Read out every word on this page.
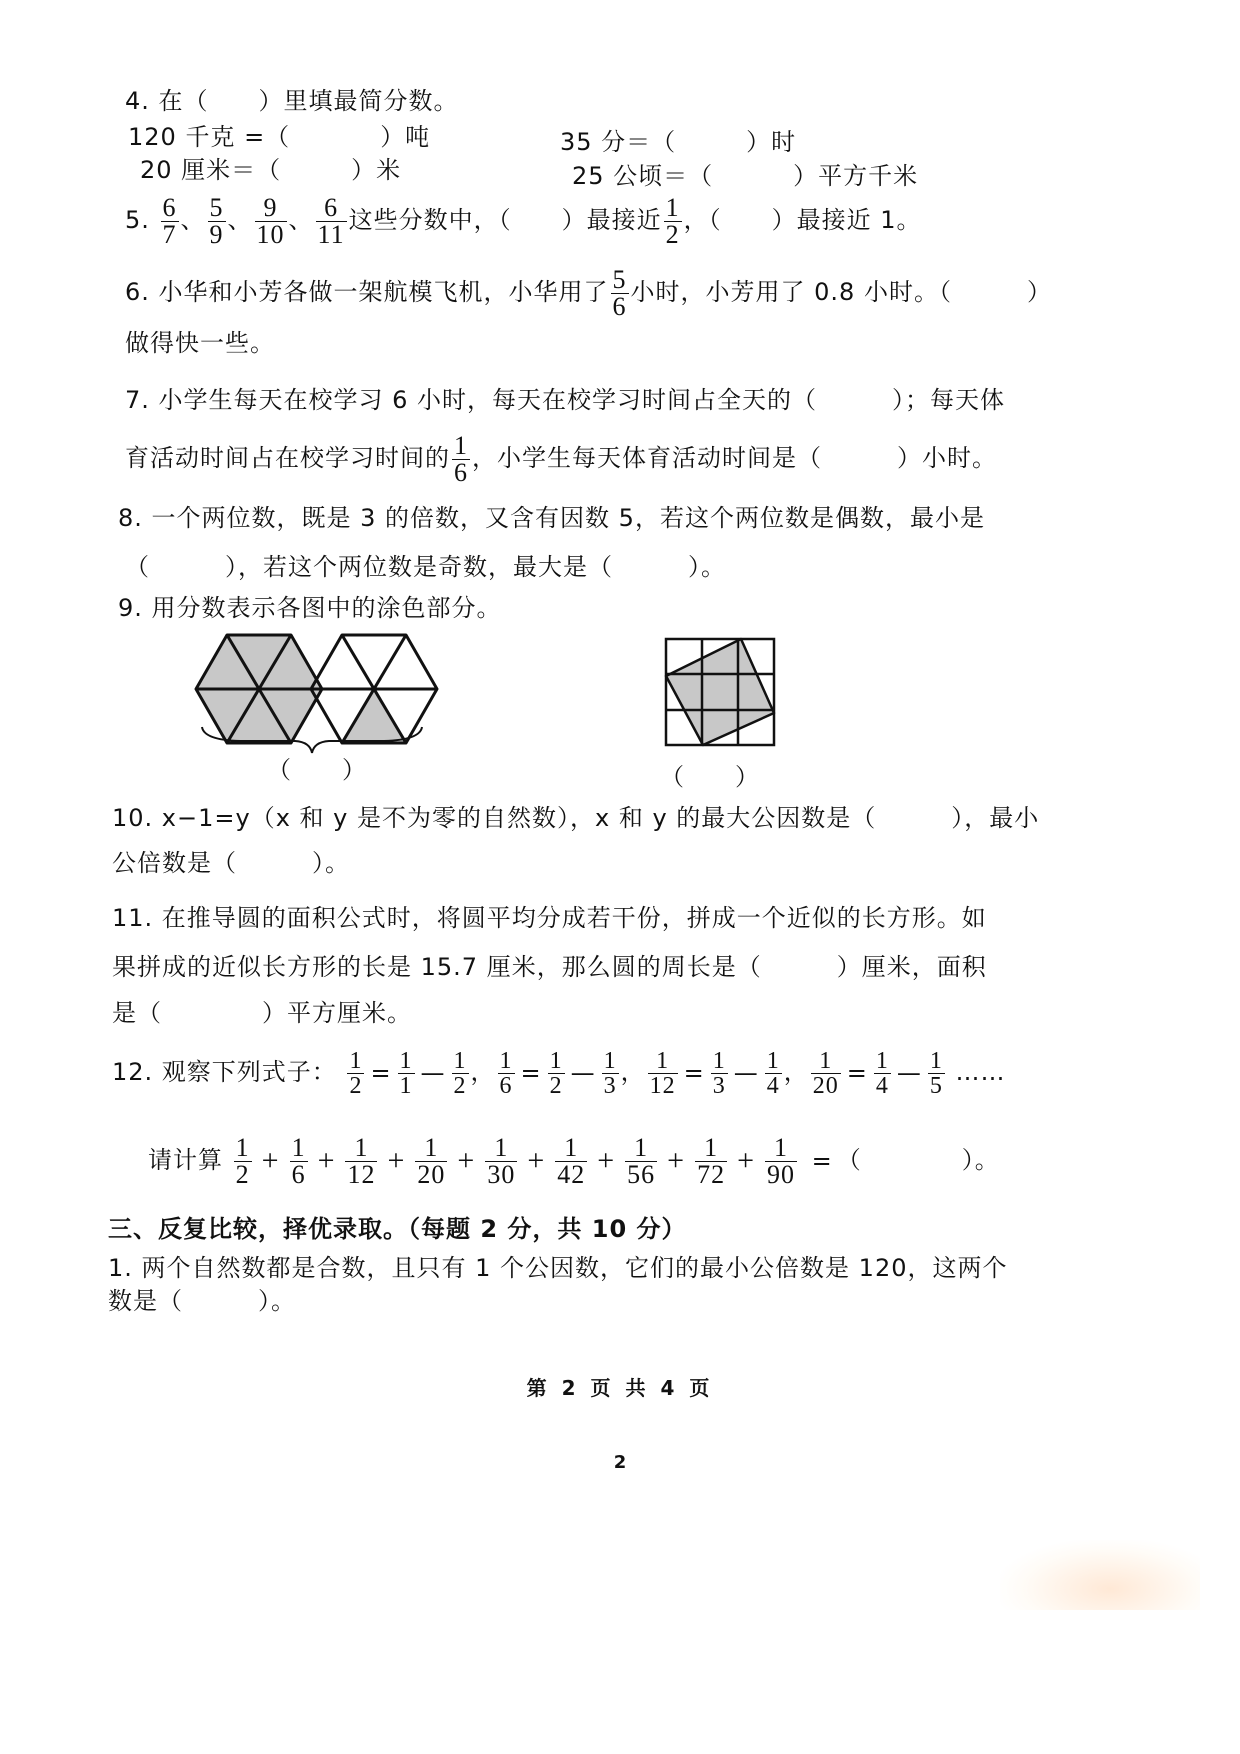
4. 在（　　）里填最简分数。
120 千克 =（	）吨	35 分＝（	）时
20 厘米＝（	）米	25 公顷＝（	）平方千米
5. $\frac{6}{7}$ 、 $\frac{5}{9}$ 、 $\frac{9}{10}$ 、 $\frac{6}{11}$ 这些分数中，（　　）最接近 $\frac{1}{2}$ ，（　　）最接近 1。
6. 小华和小芳各做一架航模飞机，小华用了 $\frac{5}{6}$ 小时，小芳用了 0.8 小时。（　　　）
做得快一些。
7. 小学生每天在校学习 6 小时，每天在校学习时间占全天的（　　　）；每天体
育活动时间占在校学习时间的 $\frac{1}{6}$ ，小学生每天体育活动时间是（　　　）小时。
8. 一个两位数，既是 3 的倍数，又含有因数 5，若这个两位数是偶数，最小是
（　　　），若这个两位数是奇数，最大是（　　　）。
9. 用分数表示各图中的涂色部分。
（　　）	（　　）
10. x−1=y（x 和 y 是不为零的自然数），x 和 y 的最大公因数是（　　　），最小
公倍数是（　　　）。
11. 在推导圆的面积公式时，将圆平均分成若干份，拼成一个近似的长方形。如
果拼成的近似长方形的长是 15.7 厘米，那么圆的周长是（　　　）厘米，面积
是（　　　　）平方厘米。
12. 观察下列式子： $\frac{1}{2} = \frac{1}{1}$ — $\frac{1}{2}$ ， $\frac{1}{6} = \frac{1}{2}$ — $\frac{1}{3}$ ， $\frac{1}{12} = \frac{1}{3}$ — $\frac{1}{4}$ ， $\frac{1}{20} = \frac{1}{4}$ — $\frac{1}{5}$ ……
请计算 $\frac{1}{2} + \frac{1}{6} + \frac{1}{12} + \frac{1}{20} + \frac{1}{30} + \frac{1}{42} + \frac{1}{56} + \frac{1}{72} + \frac{1}{90}$ = （　　　　）。
三、反复比较，择优录取。（每题 2 分，共 10 分）
1. 两个自然数都是合数，且只有 1 个公因数，它们的最小公倍数是 120，这两个
数是（　　　）。
第 2 页 共 4 页
2
